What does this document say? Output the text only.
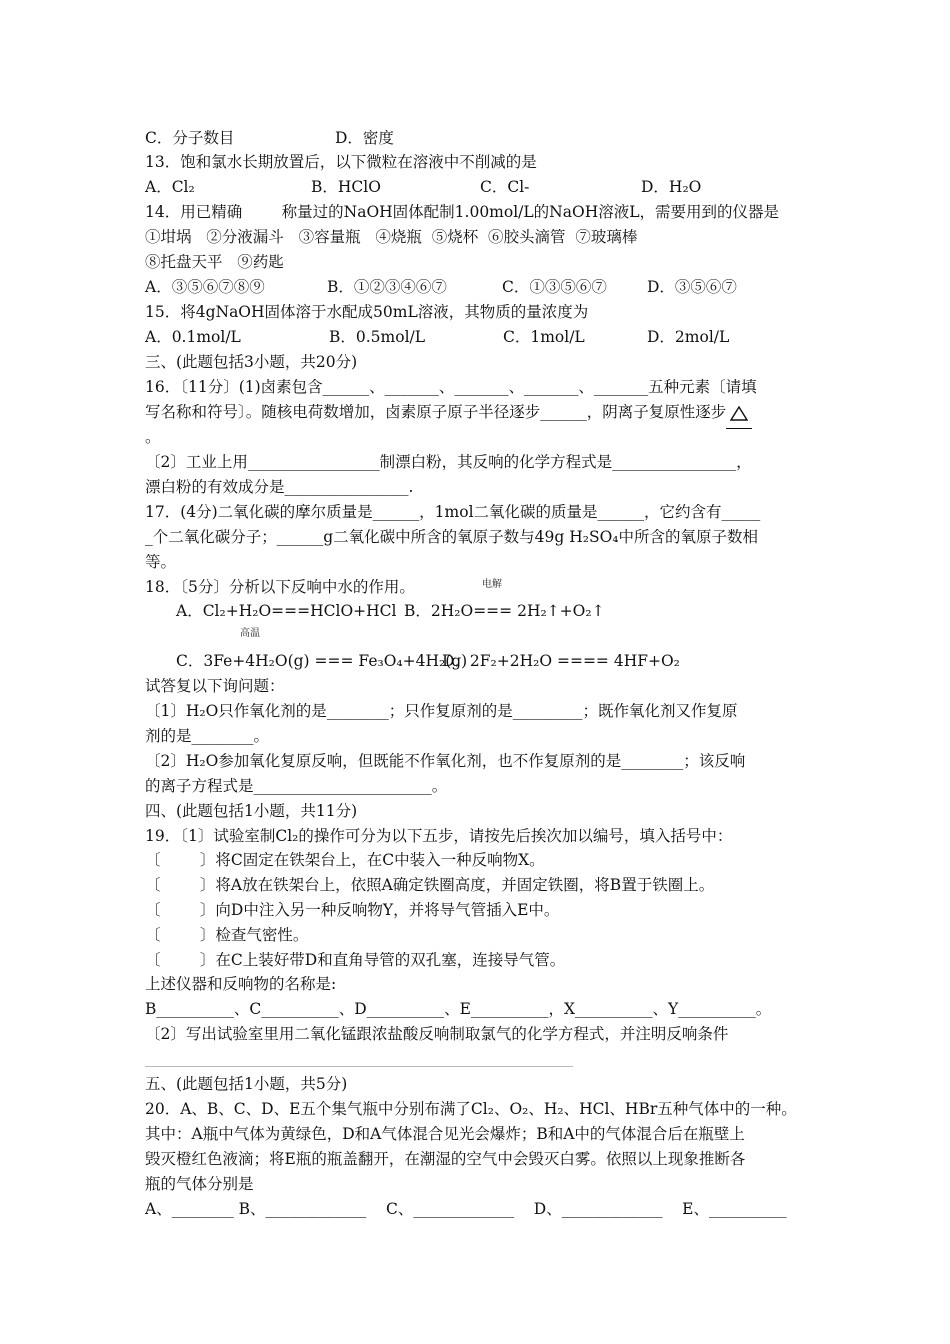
C．分子数目	D．密度
13．饱和氯水长期放置后，以下微粒在溶液中不削减的是
A．Cl₂	B．HClO	C．Cl-	D．H₂O
14．用已精确        称量过的NaOH固体配制1.00mol/L的NaOH溶液L，需要用到的仪器是
①坩埚   ②分液漏斗   ③容量瓶   ④烧瓶  ⑤烧杯  ⑥胶头滴管  ⑦玻璃棒
⑧托盘天平   ⑨药匙
A．③⑤⑥⑦⑧⑨	B．①②③④⑥⑦	C．①③⑤⑥⑦	D．③⑤⑥⑦
15．将4gNaOH固体溶于水配成50mL溶液，其物质的量浓度为
A．0.1mol/L	B．0.5mol/L	C．1mol/L	D．2mol/L
三、(此题包括3小题，共20分)
16．〔11分〕(1)卤素包含______、_______、_______、_______、_______五种元素〔请填
写名称和符号〕。随核电荷数增加，卤素原子原子半径逐步______，阴离子复原性逐步
。
〔2〕工业上用_________________制漂白粉，其反响的化学方程式是________________，
漂白粉的有效成分是________________.
17．(4分)二氧化碳的摩尔质量是______，1mol二氧化碳的质量是______，它约含有_____
_个二氧化碳分子；______g二氧化碳中所含的氧原子数与49g H₂SO₄中所含的氧原子数相
等。
18．〔5分〕分析以下反响中水的作用。	电解
A．Cl₂+H₂O===HClO+HCl B．2H₂O=== 2H₂↑+O₂↑
高温
C．3Fe+4H₂O(g) === Fe₃O₄+4H₂(g)
D．2F₂+2H₂O ==== 4HF+O₂
试答复以下询问题：
〔1〕H₂O只作氧化剂的是________；只作复原剂的是_________；既作氧化剂又作复原
剂的是________。
〔2〕H₂O参加氧化复原反响，但既能不作氧化剂，也不作复原剂的是________；该反响
的离子方程式是_______________________。
四、(此题包括1小题，共11分)
19．〔1〕试验室制Cl₂的操作可分为以下五步，请按先后挨次加以编号，填入括号中：
〔        〕将C固定在铁架台上，在C中装入一种反响物X。
〔        〕将A放在铁架台上，依照A确定铁圈高度，并固定铁圈，将B置于铁圈上。
〔        〕向D中注入另一种反响物Y，并将导气管插入E中。
〔        〕检查气密性。
〔        〕在C上装好带D和直角导管的双孔塞，连接导气管。
上述仪器和反响物的名称是:
B__________、C__________、D__________、E__________，X__________、Y__________。
〔2〕写出试验室里用二氧化锰跟浓盐酸反响制取氯气的化学方程式，并注明反响条件
五、(此题包括1小题，共5分)
20．A、B、C、D、E五个集气瓶中分别布满了Cl₂、O₂、H₂、HCl、HBr五种气体中的一种。
其中：A瓶中气体为黄绿色，D和A气体混合见光会爆炸；B和A中的气体混合后在瓶壁上
毁灭橙红色液滴；将E瓶的瓶盖翻开，在潮湿的空气中会毁灭白雾。依照以上现象推断各
瓶的气体分别是
A、________ B、_____________    C、_____________    D、_____________    E、__________
